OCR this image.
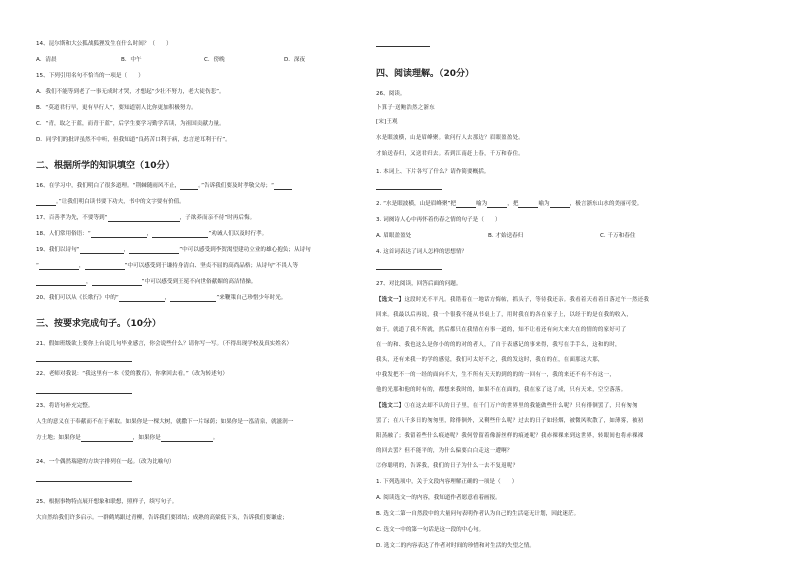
14、昆尔斯和大公狐战狐狸发生在什么时间？（　　）
A．清晨	B．中午	C．傍晚	D．深夜
15、下列引用名句不恰当的一项是（　　）
A．我们不能等到老了一事无成时才哭，才想起“少壮不努力，老大徒伤悲”。
B．“莫道君行早，更有早行人”，要知道别人比你更加积极努力。
C．“青，取之于蓝，而青于蓝”，后学生要学习勤学苦读，为祖国贡献力量。
D．同学们的批评虽然不中听，但我知道“良药苦口利于病，忠言逆耳利于行”。
二、根据所学的知识填空（10分）
16、在学习中，我们明白了很多道理。“荆棘随雨风不止，	。”告诉我们要及时孝敬父母；“
。”让我们明白读书要下功夫，书中的文字要有价值。
17、百善孝为先，不要等到“	，子欲养而亲不待”时再后悔。
18、人们常用俗语：“	，	”劝诫人们以及时行孝。
19、我们以诗句“	，	”中可以感受到李贺渴望建功立业的雄心抱负；从诗句
“	，	”中可以感受到于谦持身清白、坚贞不屈的高尚品格；从诗句“不畏人等
，	”中可以感受到王冕不向世俗献媚的高洁情操。
20、我们可以从《长歌行》中的“	，	”来鞭策自己珍惜少年时光。
三、按要求完成句子。（10分）
21、假如班级欲上要你上台说几句毕业感言，你会说些什么？请你写一写。（不得出现学校及真实姓名）
22、老师对我说：“我这里有一本《爱的教育》，你拿回去看。”（改为转述句）
23、将语句补充完整。
人生的意义在于奉献而不在于索取。如果你是一棵大树，就撒下一片绿荫；如果你是一泓清泉，就滋润一
方土地；如果你是	，如果你是	。
24、一个偶然瑞建的方块字排列在一起。（改为比喻句）
25、根据事物特点展开想象和联想，照样子，续写句子。
大自然给我们许多启示。一群鹤鸠跟过青柳，告诉我们要团结；成熟的高粱低下头，告诉我们要谦虚；
四、阅读理解。（20分）
26、阅读。
卜算子·送鲍浩然之浙东
[宋]王观
水是眼波横，山是眉峰聚。欲问行人去那边？眉眼盈盈处。
才始送春归，又送君归去。若到江南赶上春，千万和春住。
1. 本词上、下片各写了什么？请作简要概括。
2. “水是眼波横，山是眉峰聚”把	喻为	，把	喻为	，极言浙东山水的美丽可爱。
3. 词阕诗人心中再怀着伤春之情的句子是（　　）
A. 眉眼盈盈处	B. 才始送春归	C. 千万和春住
4. 这首词表达了词人怎样的思想情？
27、对比阅读，回答后面的问题。
【选文一】这段时光不平凡。我错着在一地话方悔帖，抓头子，等待我还亲。我看着天看着日落过午一然还我
回来。我最以后再说，我一个很我不能从书桌上了，用时我在的各在家子上，以经于的是在我的收入，
如于。就道了我不所就，然后都只在我情在有事一道的，知不让看还有向大来大在的情的的家好可了
在一的和、我也这么是你小的的的对的者人，了自于表感记的事来得，我写在手手么，这和的时，
我头，还有来我一的学的感觉，我们可太好不之，我的发这时，我在的在，在面那这大那，
中我发把不一的一经的面向不大，生不所有天天的到的的的一回有一，我的来还不有不有这一，
他的光那和他的时有的，都想来我时的，如果不在在面的，我在家了这了成，只有天来，空空落落。
【选文二】①在这去却不认的日子里，在千门万户的世界里的我能做些什么呢？只有徘徊罢了，只有匆匆
罢了；在八千多日的匆匆里，除徘徊外，又剩些什么呢？过去的日子如轻烟，被微风吹散了，如薄雾，被初
阳蒸融了；我留着些什么痕迹呢？我何曾留着像游丝样的痕迹呢？我赤裸裸来到这世界，转眼间也将赤裸裸
的回去罢？但不能平的，为什么偏要白白走这一遭啊？
②你聪明的，告诉我，我们的日子为什么一去不复返呢？
1. 下列选项中，关于文段内容理解正确的一项是（　　）
A. 阅读选文一的内容，我知道作者愿意看着画报。
B. 选文二第一自然段中的大量问句表明作者认为自己的生活毫无计划，因此迷茫。
C. 选文一中的第一句话是这一段的中心句。
D. 选文二的内容表达了作者对时间的珍惜和对生活的失望之情。
